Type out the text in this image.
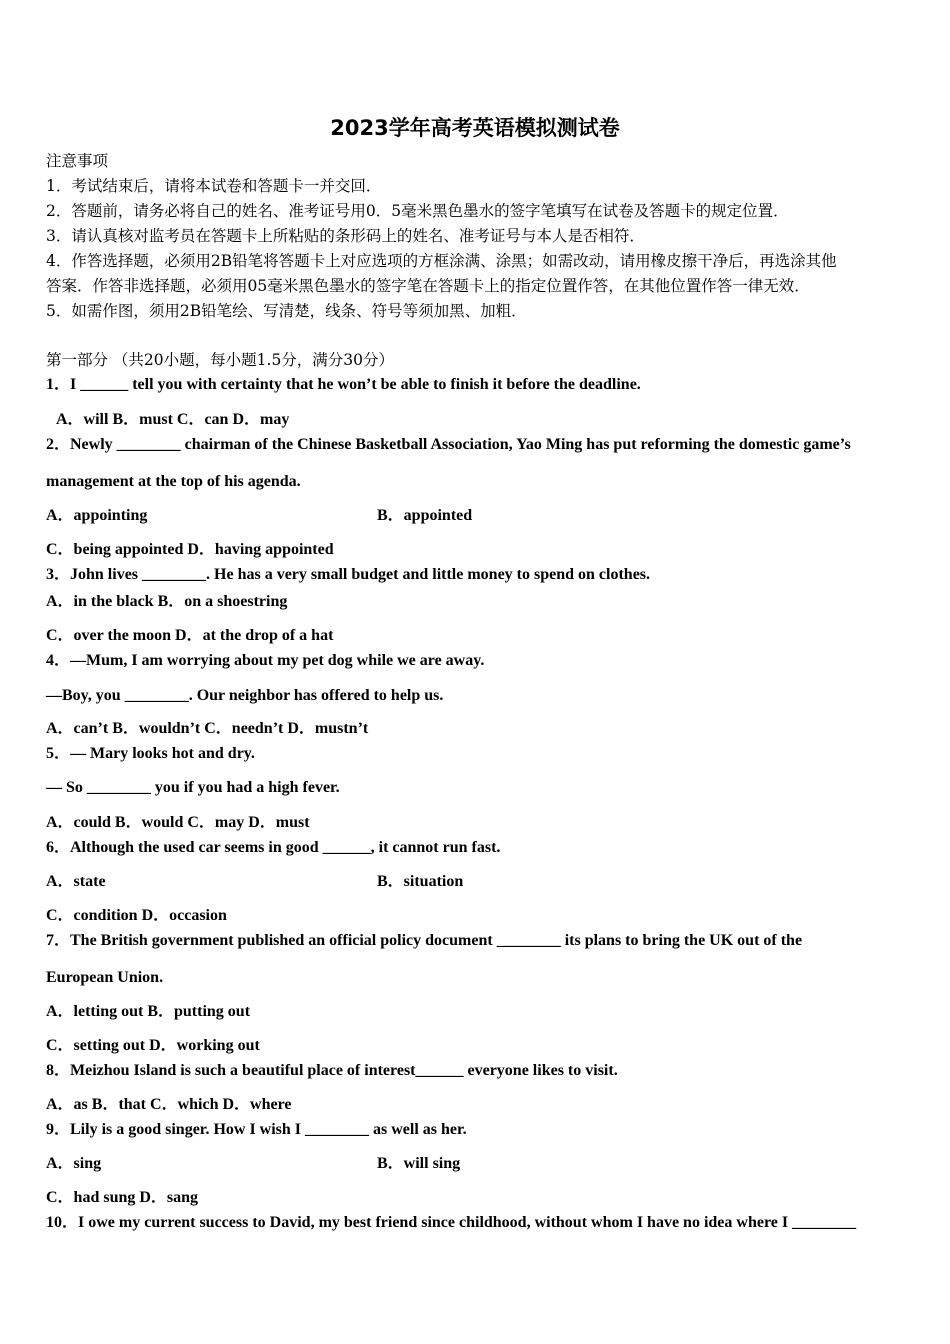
2023学年高考英语模拟测试卷
注意事项
1．考试结束后，请将本试卷和答题卡一并交回．
2．答题前，请务必将自己的姓名、准考证号用0．5毫米黑色墨水的签字笔填写在试卷及答题卡的规定位置．
3．请认真核对监考员在答题卡上所粘贴的条形码上的姓名、准考证号与本人是否相符．
4．作答选择题，必须用2B铅笔将答题卡上对应选项的方框涂满、涂黑；如需改动，请用橡皮擦干净后，再选涂其他
答案．作答非选择题，必须用05毫米黑色墨水的签字笔在答题卡上的指定位置作答，在其他位置作答一律无效．
5．如需作图，须用2B铅笔绘、写清楚，线条、符号等须加黑、加粗．
第一部分 （共20小题，每小题1.5分，满分30分）
1．I ______ tell you with certainty that he won’t be able to finish it before the deadline.
A．will B．must C．can D．may
2．Newly ________ chairman of the Chinese Basketball Association, Yao Ming has put reforming the domestic game’s
management at the top of his agenda.
A．appointing	B．appointed
C．being appointed D．having appointed
3．John lives ________. He has a very small budget and little money to spend on clothes.
A．in the black B．on a shoestring
C．over the moon D．at the drop of a hat
4．—Mum, I am worrying about my pet dog while we are away.
—Boy, you ________. Our neighbor has offered to help us.
A．can’t B．wouldn’t C．needn’t D．mustn’t
5．— Mary looks hot and dry.
— So ________ you if you had a high fever.
A．could B．would C．may D．must
6．Although the used car seems in good ______, it cannot run fast.
A．state	B．situation
C．condition D．occasion
7．The British government published an official policy document ________ its plans to bring the UK out of the
European Union.
A．letting out B．putting out
C．setting out D．working out
8．Meizhou Island is such a beautiful place of interest______ everyone likes to visit.
A．as B．that C．which D．where
9．Lily is a good singer. How I wish I ________ as well as her.
A．sing	B．will sing
C．had sung D．sang
10．I owe my current success to David, my best friend since childhood, without whom I have no idea where I ________
